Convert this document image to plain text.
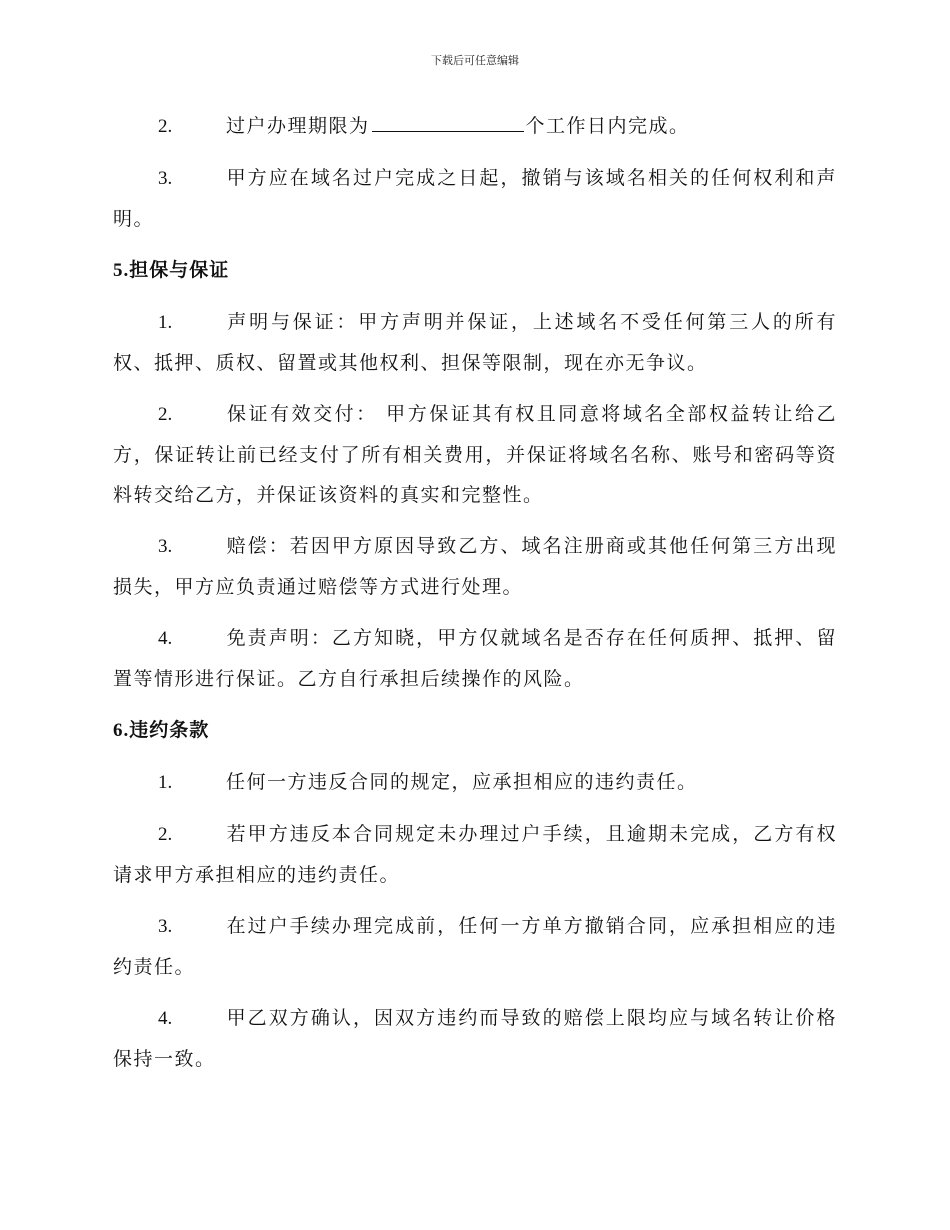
下载后可任意编辑

2.	过户办理期限为	个工作日内完成。

3.	甲方应在域名过户完成之日起，撤销与该域名相关的任何权利和声明。

5.担保与保证

1.	声明与保证：甲方声明并保证，上述域名不受任何第三人的所有权、抵押、质权、留置或其他权利、担保等限制，现在亦无争议。

2.	保证有效交付： 甲方保证其有权且同意将域名全部权益转让给乙方，保证转让前已经支付了所有相关费用，并保证将域名名称、账号和密码等资料转交给乙方，并保证该资料的真实和完整性。

3.	赔偿：若因甲方原因导致乙方、域名注册商或其他任何第三方出现损失，甲方应负责通过赔偿等方式进行处理。

4.	免责声明：乙方知晓，甲方仅就域名是否存在任何质押、抵押、留置等情形进行保证。乙方自行承担后续操作的风险。

6.违约条款

1.	任何一方违反合同的规定，应承担相应的违约责任。

2.	若甲方违反本合同规定未办理过户手续，且逾期未完成，乙方有权请求甲方承担相应的违约责任。

3.	在过户手续办理完成前，任何一方单方撤销合同，应承担相应的违约责任。

4.	甲乙双方确认，因双方违约而导致的赔偿上限均应与域名转让价格保持一致。
